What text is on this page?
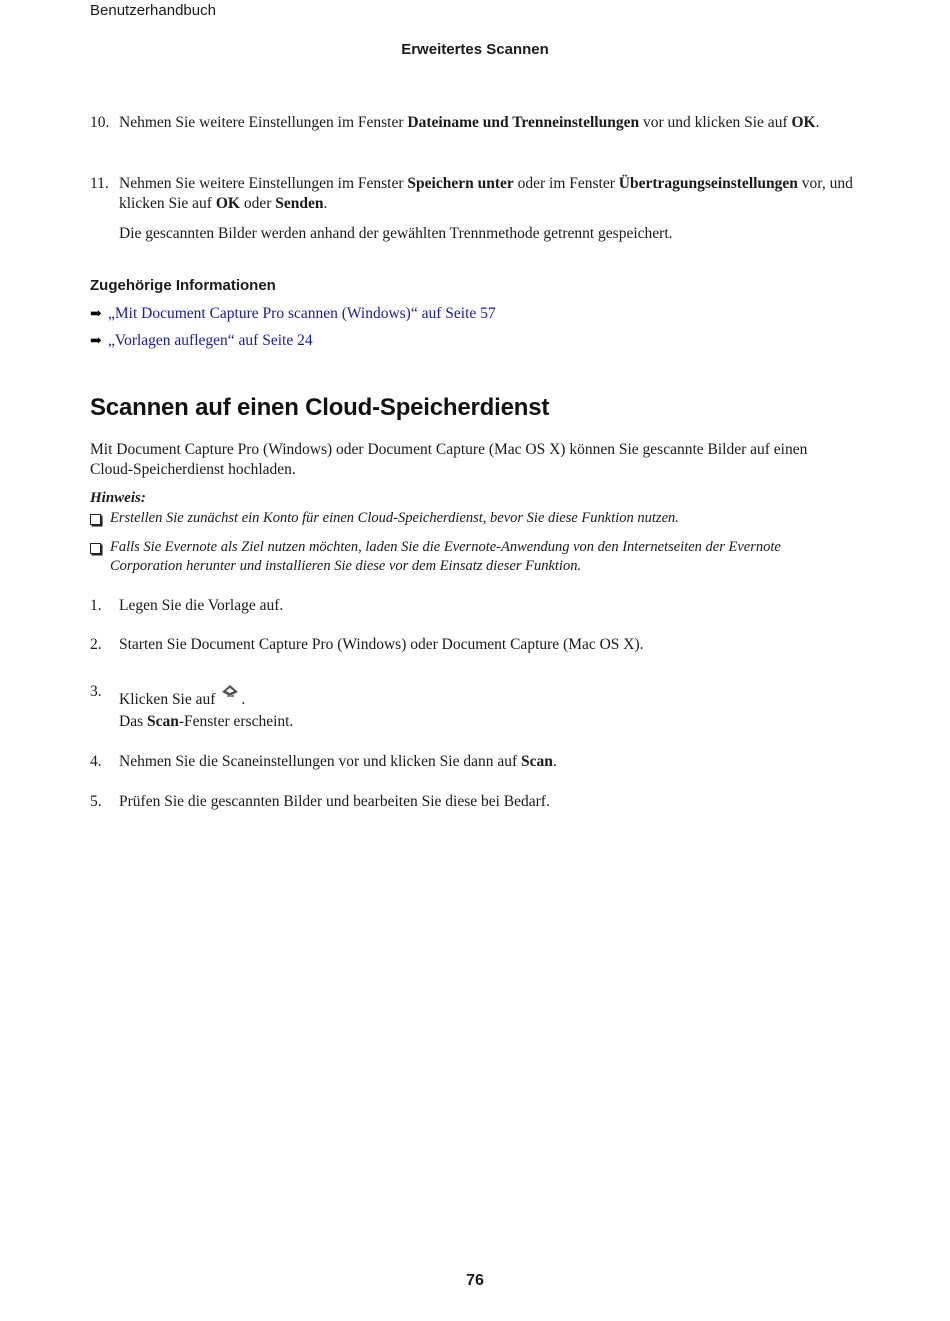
Benutzerhandbuch
Erweitertes Scannen
10. Nehmen Sie weitere Einstellungen im Fenster Dateiname und Trenneinstellungen vor und klicken Sie auf OK.
11. Nehmen Sie weitere Einstellungen im Fenster Speichern unter oder im Fenster Übertragungseinstellungen vor, und klicken Sie auf OK oder Senden.
Die gescannten Bilder werden anhand der gewählten Trennmethode getrennt gespeichert.
Zugehörige Informationen
➡ „Mit Document Capture Pro scannen (Windows)“ auf Seite 57
➡ „Vorlagen auflegen“ auf Seite 24
Scannen auf einen Cloud-Speicherdienst
Mit Document Capture Pro (Windows) oder Document Capture (Mac OS X) können Sie gescannte Bilder auf einen Cloud-Speicherdienst hochladen.
Hinweis:
Erstellen Sie zunächst ein Konto für einen Cloud-Speicherdienst, bevor Sie diese Funktion nutzen.
Falls Sie Evernote als Ziel nutzen möchten, laden Sie die Evernote-Anwendung von den Internetseiten der Evernote Corporation herunter und installieren Sie diese vor dem Einsatz dieser Funktion.
1. Legen Sie die Vorlage auf.
2. Starten Sie Document Capture Pro (Windows) oder Document Capture (Mac OS X).
3. Klicken Sie auf .
Das Scan-Fenster erscheint.
4. Nehmen Sie die Scaneinstellungen vor und klicken Sie dann auf Scan.
5. Prüfen Sie die gescannten Bilder und bearbeiten Sie diese bei Bedarf.
76
